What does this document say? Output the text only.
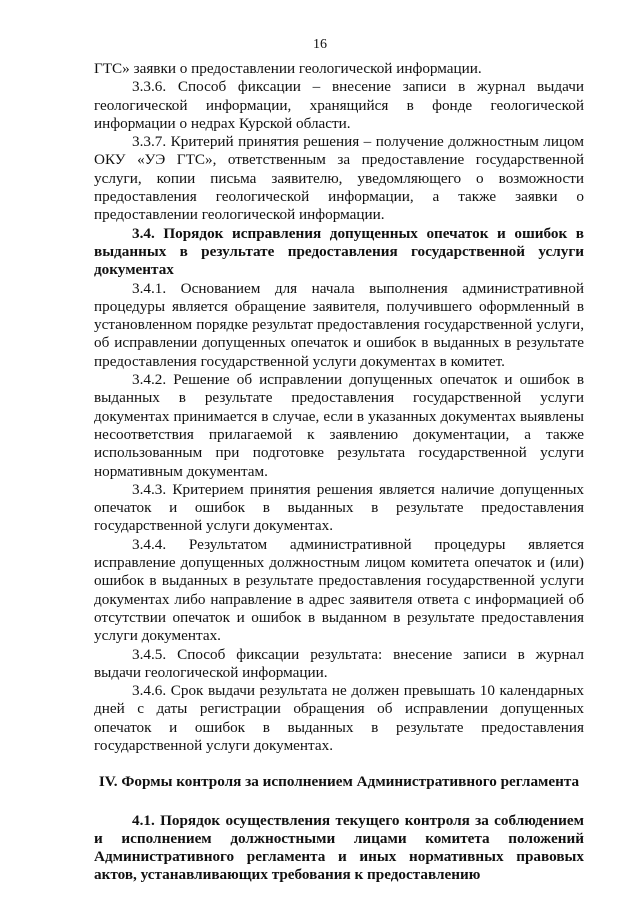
16

ГТС» заявки о предоставлении геологической информации.

3.3.6. Способ фиксации – внесение записи в журнал выдачи геологической информации, хранящийся в фонде геологической информации о недрах Курской области.

3.3.7. Критерий принятия решения – получение должностным лицом ОКУ «УЭ ГТС», ответственным за предоставление государственной услуги, копии письма заявителю, уведомляющего о возможности предоставления геологической информации, а также заявки о предоставлении геологической информации.

3.4. Порядок исправления допущенных опечаток и ошибок в выданных в результате предоставления государственной услуги документах

3.4.1. Основанием для начала выполнения административной процедуры является обращение заявителя, получившего оформленный в установленном порядке результат предоставления государственной услуги, об исправлении допущенных опечаток и ошибок в выданных в результате предоставления государственной услуги документах в комитет.

3.4.2. Решение об исправлении допущенных опечаток и ошибок в выданных в результате предоставления государственной услуги документах принимается в случае, если в указанных документах выявлены несоответствия прилагаемой к заявлению документации, а также использованным при подготовке результата государственной услуги нормативным документам.

3.4.3. Критерием принятия решения является наличие допущенных опечаток и ошибок в выданных в результате предоставления государственной услуги документах.

3.4.4. Результатом административной процедуры является исправление допущенных должностным лицом комитета опечаток и (или) ошибок в выданных в результате предоставления государственной услуги документах либо направление в адрес заявителя ответа с информацией об отсутствии опечаток и ошибок в выданном в результате предоставления услуги документах.

3.4.5. Способ фиксации результата: внесение записи в журнал выдачи геологической информации.

3.4.6. Срок выдачи результата не должен превышать 10 календарных дней с даты регистрации обращения об исправлении допущенных опечаток и ошибок в выданных в результате предоставления государственной услуги документах.

IV. Формы контроля за исполнением Административного регламента

4.1. Порядок осуществления текущего контроля за соблюдением и исполнением должностными лицами комитета положений Административного регламента и иных нормативных правовых актов, устанавливающих требования к предоставлению
